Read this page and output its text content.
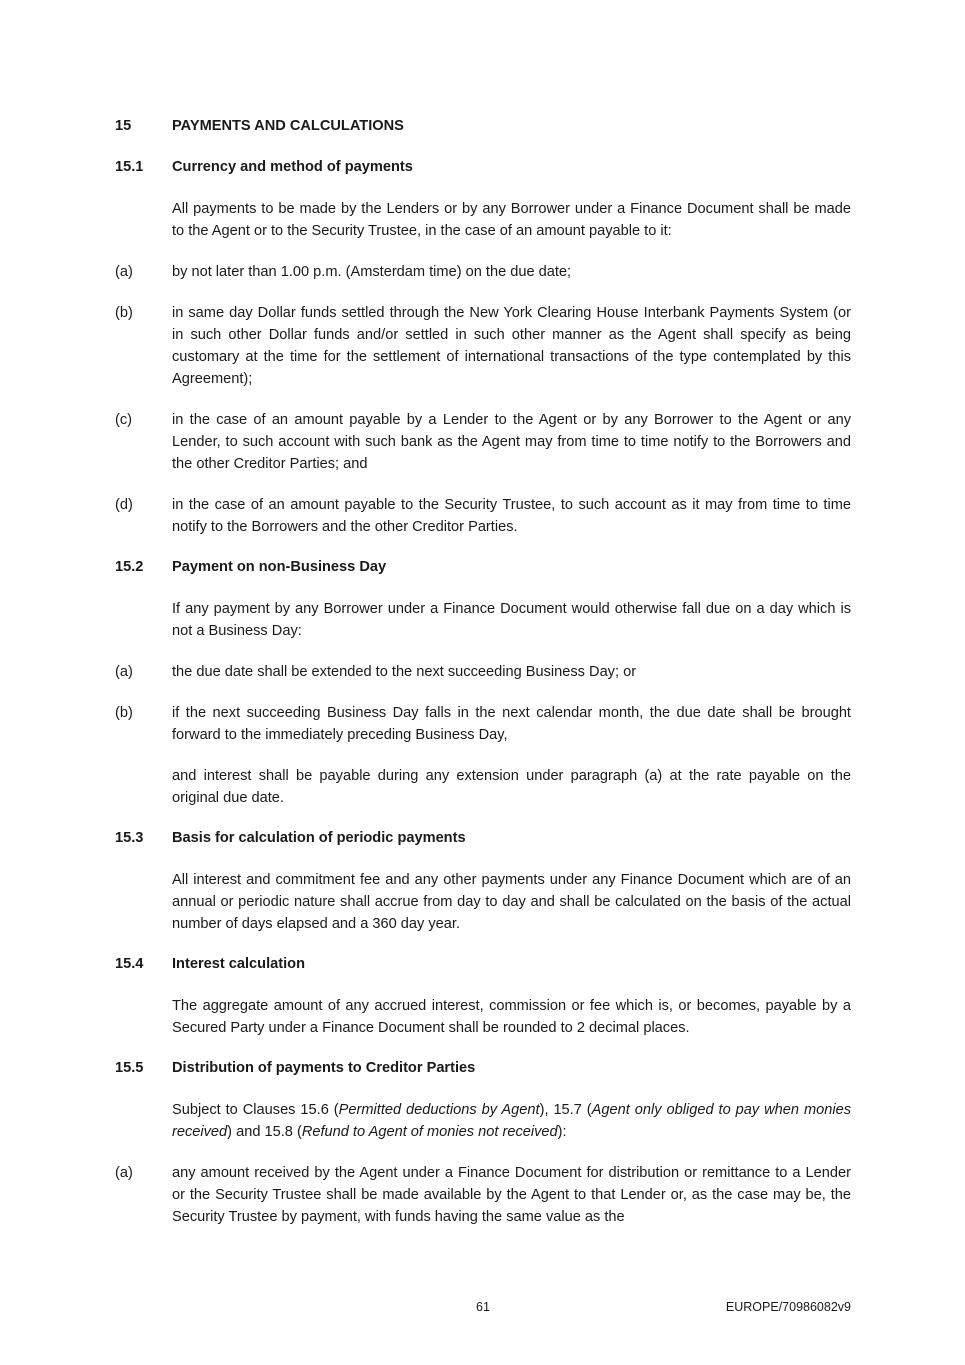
15	PAYMENTS AND CALCULATIONS
15.1	Currency and method of payments
All payments to be made by the Lenders or by any Borrower under a Finance Document shall be made to the Agent or to the Security Trustee, in the case of an amount payable to it:
(a)	by not later than 1.00 p.m. (Amsterdam time) on the due date;
(b)	in same day Dollar funds settled through the New York Clearing House Interbank Payments System (or in such other Dollar funds and/or settled in such other manner as the Agent shall specify as being customary at the time for the settlement of international transactions of the type contemplated by this Agreement);
(c)	in the case of an amount payable by a Lender to the Agent or by any Borrower to the Agent or any Lender, to such account with such bank as the Agent may from time to time notify to the Borrowers and the other Creditor Parties; and
(d)	in the case of an amount payable to the Security Trustee, to such account as it may from time to time notify to the Borrowers and the other Creditor Parties.
15.2	Payment on non-Business Day
If any payment by any Borrower under a Finance Document would otherwise fall due on a day which is not a Business Day:
(a)	the due date shall be extended to the next succeeding Business Day; or
(b)	if the next succeeding Business Day falls in the next calendar month, the due date shall be brought forward to the immediately preceding Business Day,
and interest shall be payable during any extension under paragraph (a) at the rate payable on the original due date.
15.3	Basis for calculation of periodic payments
All interest and commitment fee and any other payments under any Finance Document which are of an annual or periodic nature shall accrue from day to day and shall be calculated on the basis of the actual number of days elapsed and a 360 day year.
15.4	Interest calculation
The aggregate amount of any accrued interest, commission or fee which is, or becomes, payable by a Secured Party under a Finance Document shall be rounded to 2 decimal places.
15.5	Distribution of payments to Creditor Parties
Subject to Clauses 15.6 (Permitted deductions by Agent), 15.7 (Agent only obliged to pay when monies received) and 15.8 (Refund to Agent of monies not received):
(a)	any amount received by the Agent under a Finance Document for distribution or remittance to a Lender or the Security Trustee shall be made available by the Agent to that Lender or, as the case may be, the Security Trustee by payment, with funds having the same value as the
61	EUROPE/70986082v9
